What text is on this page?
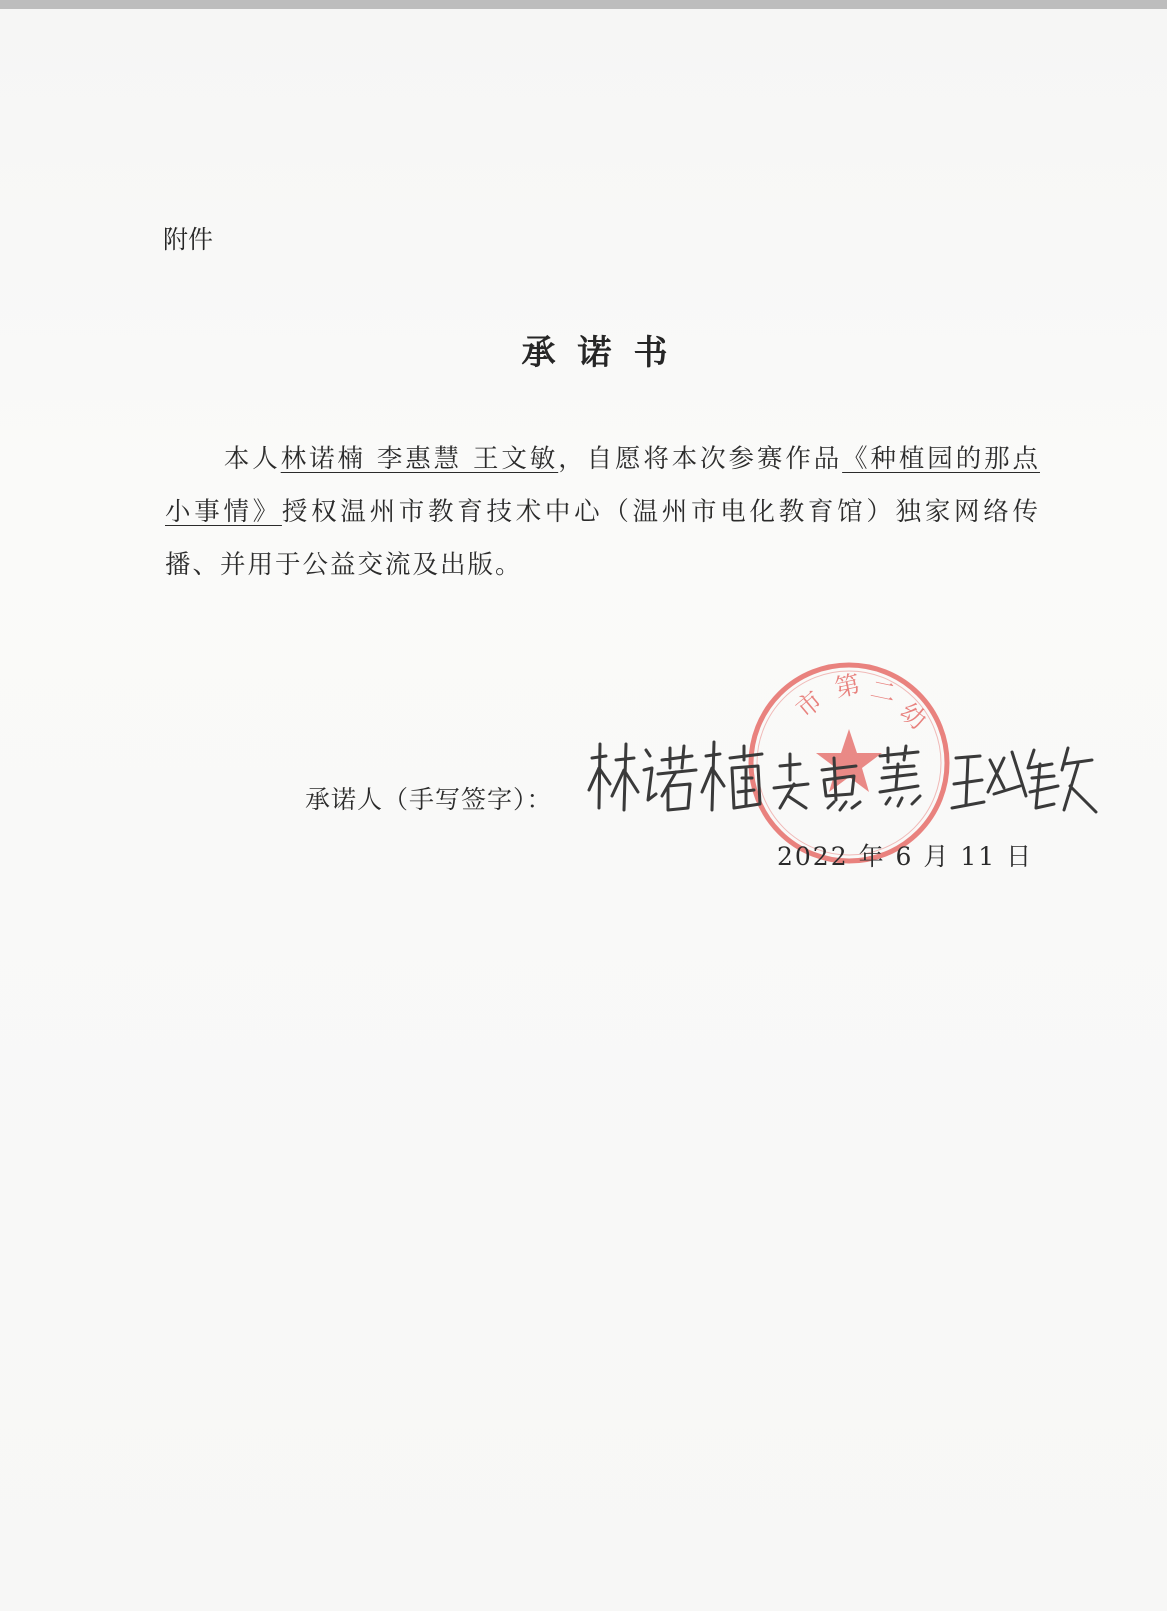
附件
承诺书
本人林诺楠 李惠慧 王文敏，自愿将本次参赛作品《种植园的那点小事情》授权温州市教育技术中心（温州市电化教育馆）独家网络传播、并用于公益交流及出版。
市 第 二
幼
承诺人（手写签字）：
2022 年 6 月 11 日
